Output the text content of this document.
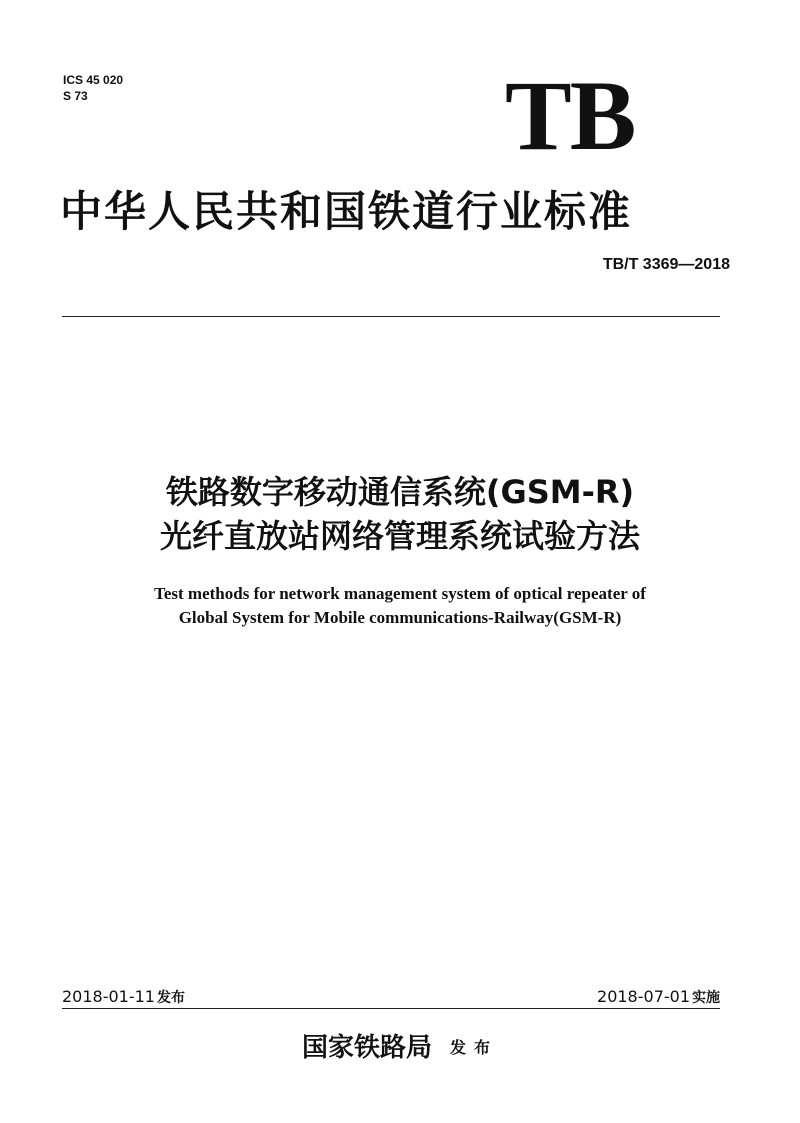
ICS 45 020
S 73	TB
中华人民共和国铁道行业标准
TB/T 3369—2018
铁路数字移动通信系统(GSM-R)
光纤直放站网络管理系统试验方法
Test methods for network management system of optical repeater of
Global System for Mobile communications-Railway(GSM-R)
2018-01-11 发布	2018-07-01 实施
国家铁路局 发布
